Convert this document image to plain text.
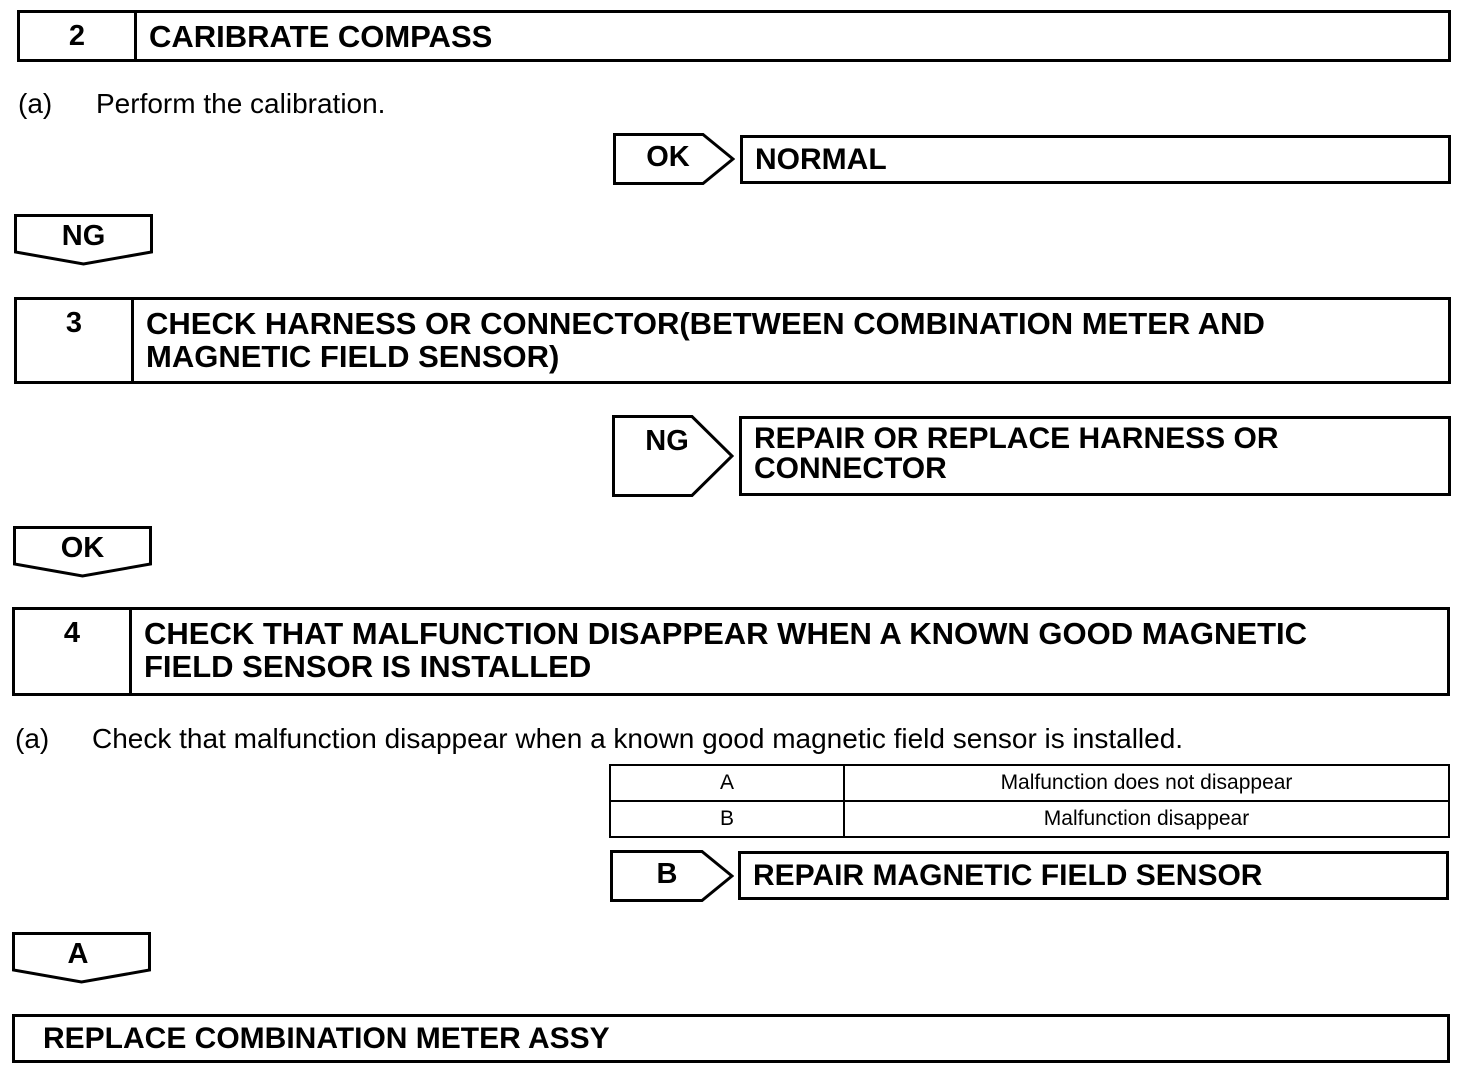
2	CARIBRATE COMPASS
(a) Perform the calibration.
OK	NORMAL
NG
3	CHECK HARNESS OR CONNECTOR(BETWEEN COMBINATION METER AND
MAGNETIC FIELD SENSOR)
NG	REPAIR OR REPLACE HARNESS OR
CONNECTOR
OK
4	CHECK THAT MALFUNCTION DISAPPEAR WHEN A KNOWN GOOD MAGNETIC
FIELD SENSOR IS INSTALLED
(a) Check that malfunction disappear when a known good magnetic field sensor is installed.
A	Malfunction does not disappear
B	Malfunction disappear
B	REPAIR MAGNETIC FIELD SENSOR
A
REPLACE COMBINATION METER ASSY
